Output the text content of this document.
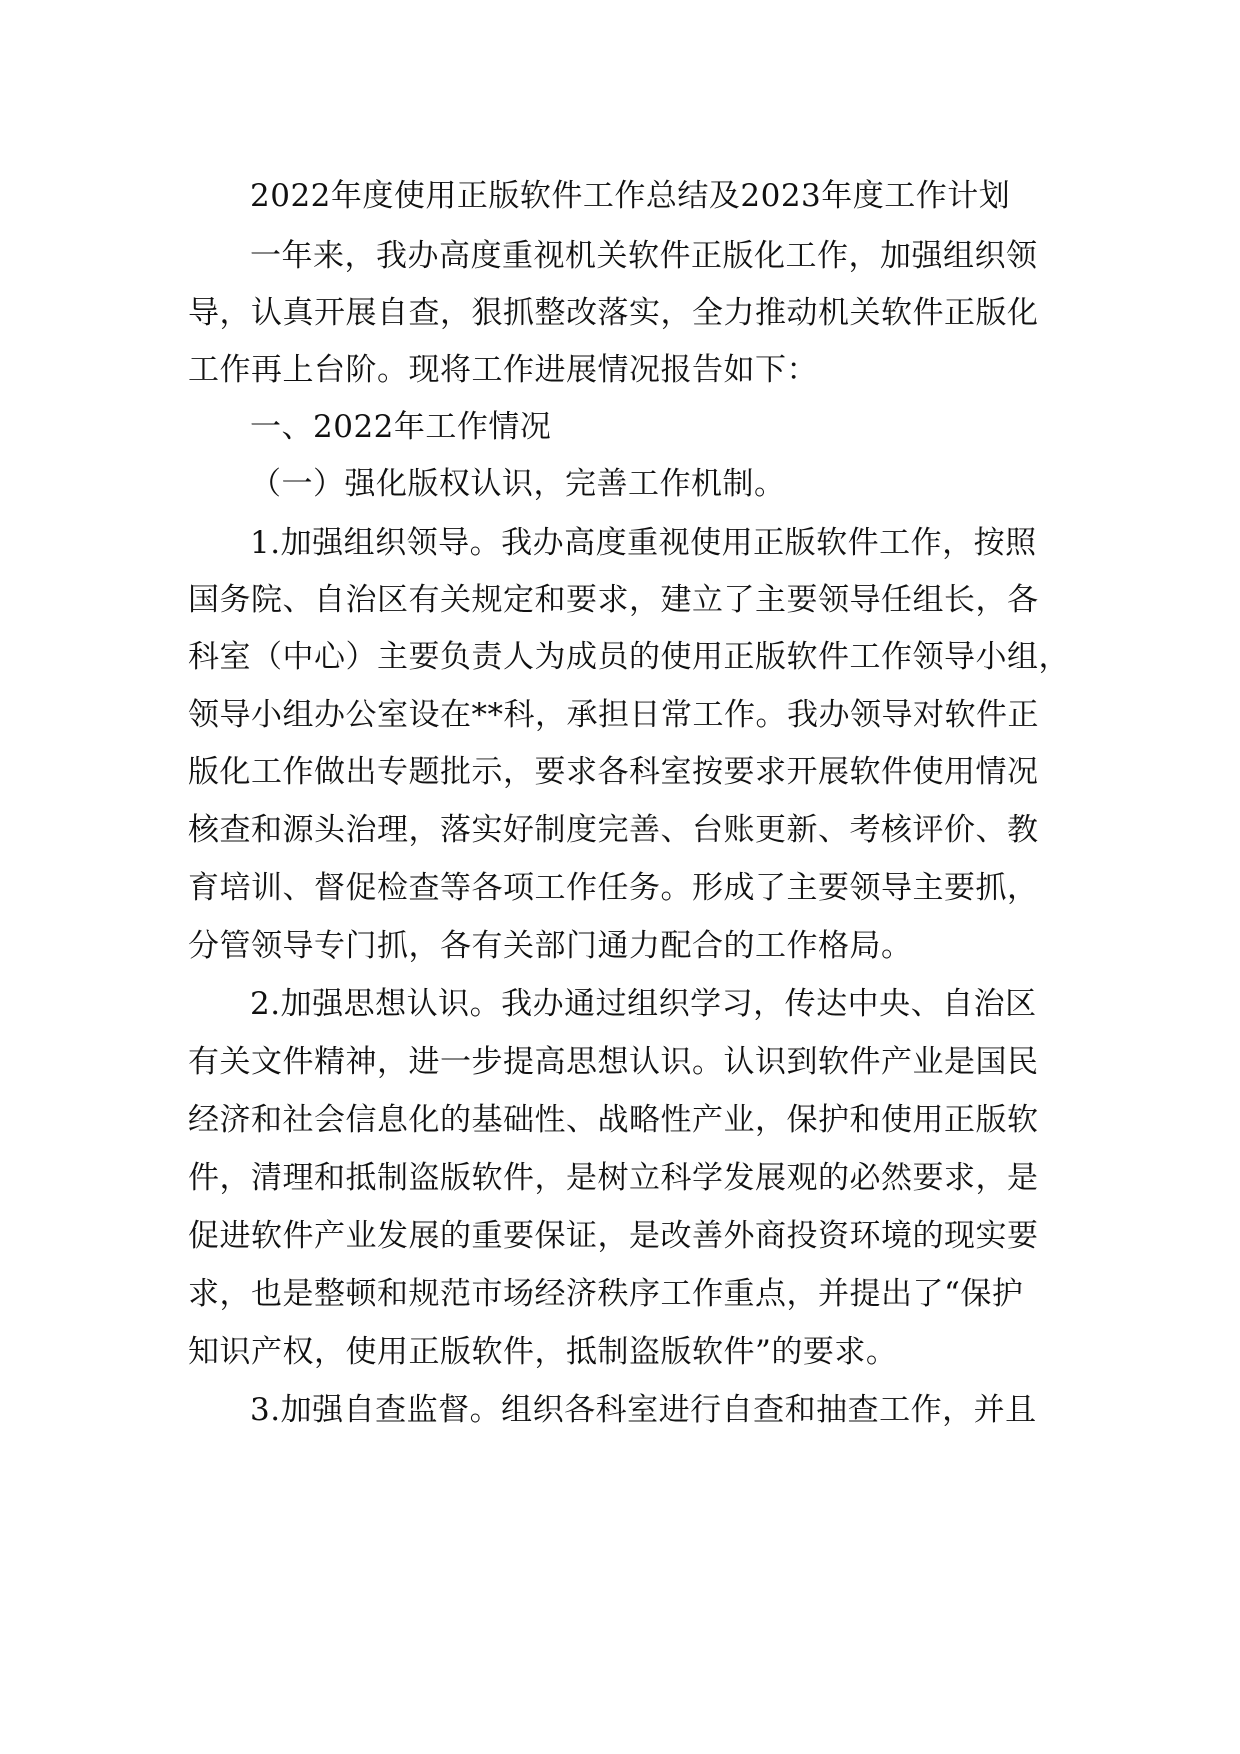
2022年度使用正版软件工作总结及2023年度工作计划
一年来，我办高度重视机关软件正版化工作，加强组织领
导，认真开展自查，狠抓整改落实，全力推动机关软件正版化
工作再上台阶。现将工作进展情况报告如下：
一、2022年工作情况
（一）强化版权认识，完善工作机制。
1.加强组织领导。我办高度重视使用正版软件工作，按照
国务院、自治区有关规定和要求，建立了主要领导任组长，各
科室（中心）主要负责人为成员的使用正版软件工作领导小组，
领导小组办公室设在**科，承担日常工作。我办领导对软件正
版化工作做出专题批示，要求各科室按要求开展软件使用情况
核查和源头治理，落实好制度完善、台账更新、考核评价、教
育培训、督促检查等各项工作任务。形成了主要领导主要抓，
分管领导专门抓，各有关部门通力配合的工作格局。
2.加强思想认识。我办通过组织学习，传达中央、自治区
有关文件精神，进一步提高思想认识。认识到软件产业是国民
经济和社会信息化的基础性、战略性产业，保护和使用正版软
件，清理和抵制盗版软件，是树立科学发展观的必然要求，是
促进软件产业发展的重要保证，是改善外商投资环境的现实要
求，也是整顿和规范市场经济秩序工作重点，并提出了“保护
知识产权，使用正版软件，抵制盗版软件”的要求。
3.加强自查监督。组织各科室进行自查和抽查工作，并且
